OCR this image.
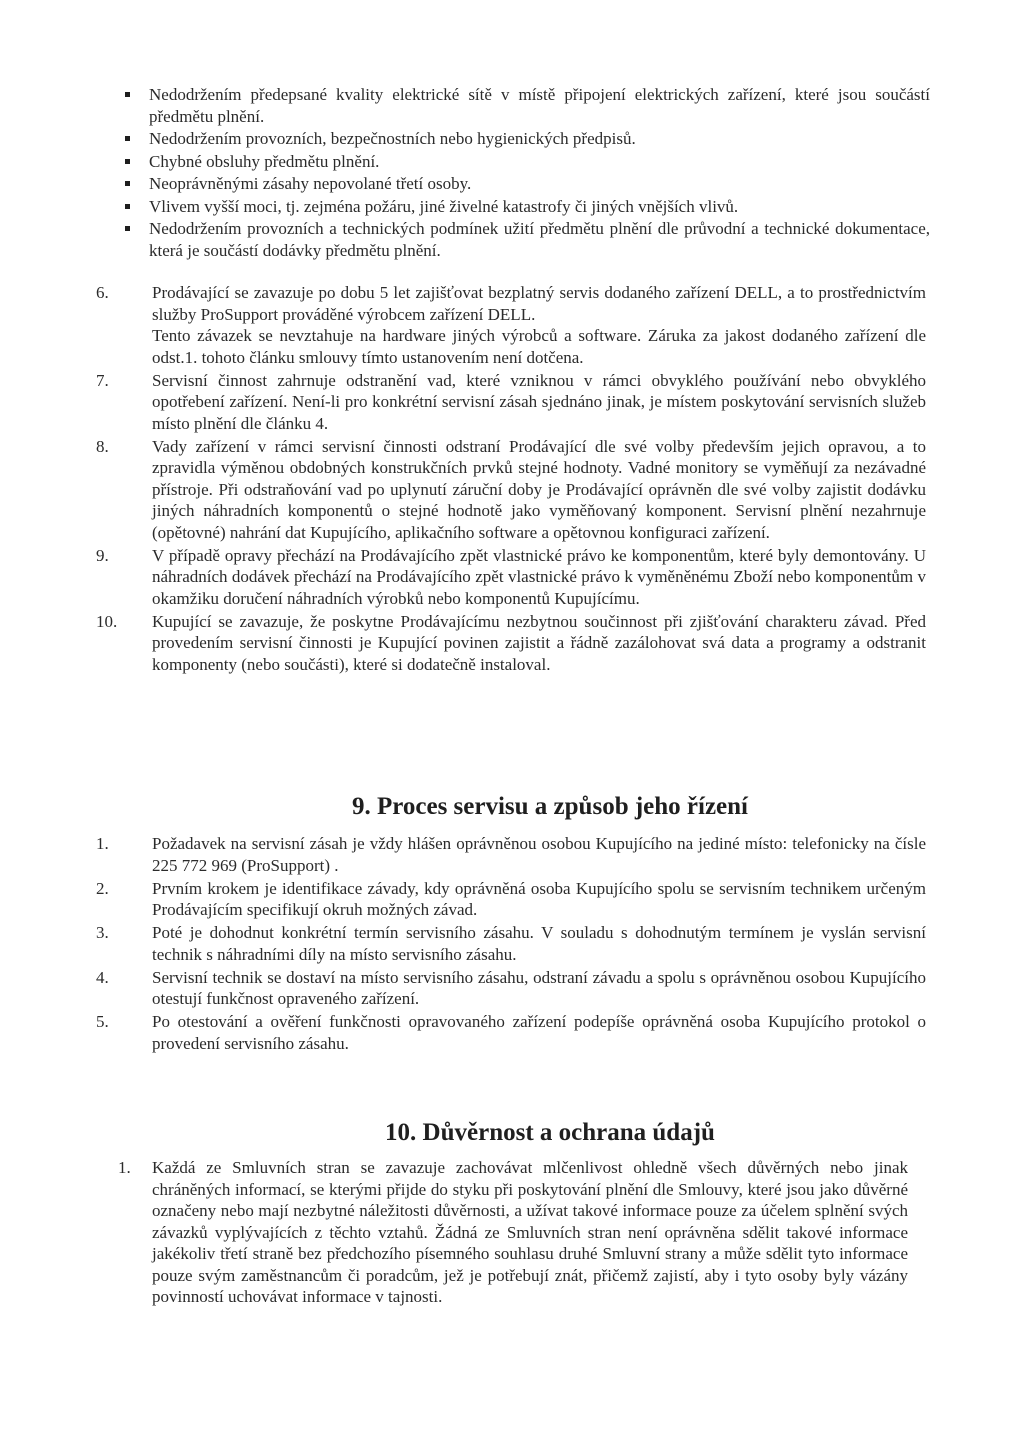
Nedodržením předepsané kvality elektrické sítě v místě připojení elektrických zařízení, které jsou součástí předmětu plnění.
Nedodržením provozních, bezpečnostních nebo hygienických předpisů.
Chybné obsluhy předmětu plnění.
Neoprávněnými zásahy nepovolané třetí osoby.
Vlivem vyšší moci, tj. zejména požáru, jiné živelné katastrofy či jiných vnějších vlivů.
Nedodržením provozních a technických podmínek užití předmětu plnění dle průvodní a technické dokumentace, která je součástí dodávky předmětu plnění.
6.	Prodávající se zavazuje po dobu 5 let zajišťovat bezplatný servis dodaného zařízení DELL, a to prostřednictvím služby ProSupport prováděné výrobcem zařízení DELL.
Tento závazek se nevztahuje na hardware jiných výrobců a software. Záruka za jakost dodaného zařízení dle odst.1. tohoto článku smlouvy tímto ustanovením není dotčena.
7.	Servisní činnost zahrnuje odstranění vad, které vzniknou v rámci obvyklého používání nebo obvyklého opotřebení zařízení. Není-li pro konkrétní servisní zásah sjednáno jinak, je místem poskytování servisních služeb místo plnění dle článku 4.
8.	Vady zařízení v rámci servisní činnosti odstraní Prodávající dle své volby především jejich opravou, a to zpravidla výměnou obdobných konstrukčních prvků stejné hodnoty. Vadné monitory se vyměňují za nezávadné přístroje. Při odstraňování vad po uplynutí záruční doby je Prodávající oprávněn dle své volby zajistit dodávku jiných náhradních komponentů o stejné hodnotě jako vyměňovaný komponent. Servisní plnění nezahrnuje (opětovné) nahrání dat Kupujícího, aplikačního software a opětovnou konfiguraci zařízení.
9.	V případě opravy přechází na Prodávajícího zpět vlastnické právo ke komponentům, které byly demontovány. U náhradních dodávek přechází na Prodávajícího zpět vlastnické právo k vyměněnému Zboží nebo komponentům v okamžiku doručení náhradních výrobků nebo komponentů Kupujícímu.
10. Kupující se zavazuje, že poskytne Prodávajícímu nezbytnou součinnost při zjišťování charakteru závad. Před provedením servisní činnosti je Kupující povinen zajistit a řádně zazálohovat svá data a programy a odstranit komponenty (nebo součásti), které si dodatečně instaloval.
9. Proces servisu a způsob jeho řízení
1.	Požadavek na servisní zásah je vždy hlášen oprávněnou osobou Kupujícího na jediné místo: telefonicky na čísle 225 772 969 (ProSupport) .
2.	Prvním krokem je identifikace závady, kdy oprávněná osoba Kupujícího spolu se servisním technikem určeným Prodávajícím specifikují okruh možných závad.
3.	Poté je dohodnut konkrétní termín servisního zásahu. V souladu s dohodnutým termínem je vyslán servisní technik s náhradními díly na místo servisního zásahu.
4.	Servisní technik se dostaví na místo servisního zásahu, odstraní závadu a spolu s oprávněnou osobou Kupujícího otestují funkčnost opraveného zařízení.
5.	Po otestování a ověření funkčnosti opravovaného zařízení podepíše oprávněná osoba Kupujícího protokol o provedení servisního zásahu.
10. Důvěrnost a ochrana údajů
1. Každá ze Smluvních stran se zavazuje zachovávat mlčenlivost ohledně všech důvěrných nebo jinak chráněných informací, se kterými přijde do styku při poskytování plnění dle Smlouvy, které jsou jako důvěrné označeny nebo mají nezbytné náležitosti důvěrnosti, a užívat takové informace pouze za účelem splnění svých závazků vyplývajících z těchto vztahů. Žádná ze Smluvních stran není oprávněna sdělit takové informace jakékoliv třetí straně bez předchozího písemného souhlasu druhé Smluvní strany a může sdělit tyto informace pouze svým zaměstnancům či poradcům, jež je potřebují znát, přičemž zajistí, aby i tyto osoby byly vázány povinností uchovávat informace v tajnosti.
